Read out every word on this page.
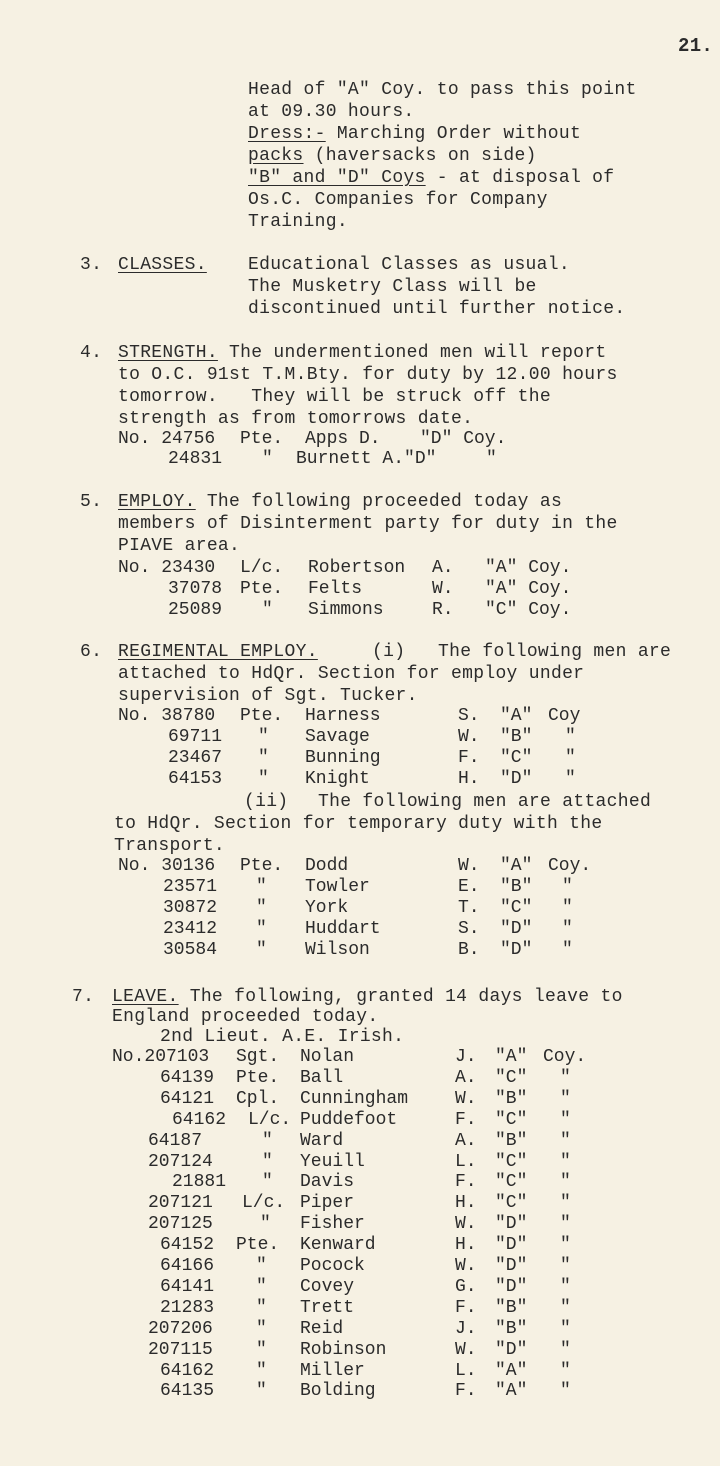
21.
Head of "A" Coy. to pass this point
at 09.30 hours.
Dress:- Marching Order without
packs (haversacks on side)
"B" and "D" Coys - at disposal of
Os.C. Companies for Company
Training.
3. CLASSES. Educational Classes as usual.
The Musketry Class will be
discontinued until further notice.
4. STRENGTH. The undermentioned men will report
to O.C. 91st T.M.Bty. for duty by 12.00 hours
tomorrow.   They will be struck off the
strength as from tomorrows date.
No. 24756 Pte. Apps D. "D" Coy.
24831 " Burnett A."D"	"
5. EMPLOY. The following proceeded today as
members of Disinterment party for duty in the
PIAVE area.
No. 23430 L/c. Robertson A. "A" Coy.
37078 Pte. Felts	W. "A" Coy.
25089 " Simmons	R. "C" Coy.
6. REGIMENTAL EMPLOY.	(i) The following men are
attached to HdQr. Section for employ under
supervision of Sgt. Tucker.
No. 38780 Pte. Harness	S. "A" Coy
69711 " Savage	W. "B" "
23467 " Bunning	F. "C" "
64153 " Knight	H. "D" "
(ii) The following men are attached
to HdQr. Section for temporary duty with the
Transport.
No. 30136 Pte. Dodd	W. "A" Coy.
23571 " Towler	E. "B" "
30872 " York	T. "C" "
23412 " Huddart	S. "D" "
30584 " Wilson	B. "D" "
7. LEAVE. The following, granted 14 days leave to
England proceeded today.
2nd Lieut. A.E. Irish.
No.207103 Sgt. Nolan	J. "A" Coy.
64139 Pte. Ball	A. "C" "
64121 Cpl. Cunningham	W. "B" "
64162 L/c. Puddefoot	F. "C" "
64187	" Ward	A. "B" "
207124	" Yeuill	L. "C" "
21881 " Davis	F. "C" "
207121 L/c. Piper	H. "C" "
207125	" Fisher	W. "D" "
64152 Pte. Kenward	H. "D" "
64166 " Pocock	W. "D" "
64141 " Covey	G. "D" "
21283 " Trett	F. "B" "
207206 " Reid	J. "B" "
207115 " Robinson	W. "D" "
64162 " Miller	L. "A" "
64135 " Bolding	F. "A" "
